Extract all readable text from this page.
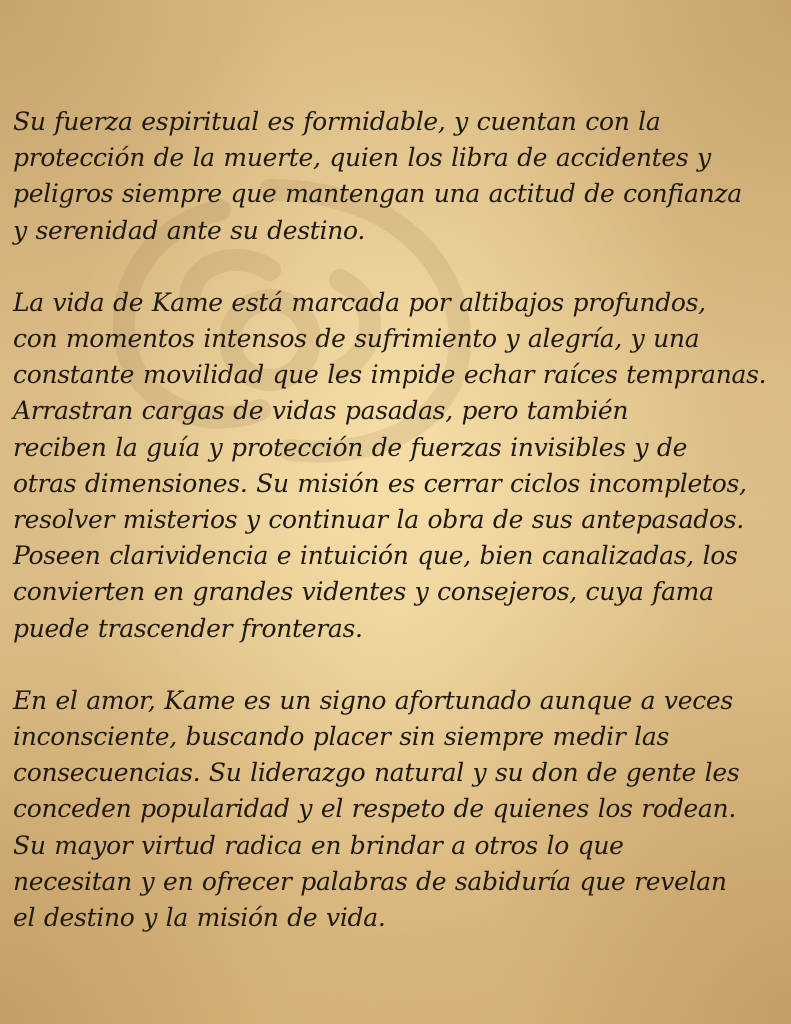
Su fuerza espiritual es formidable, y cuentan con la
protección de la muerte, quien los libra de accidentes y
peligros siempre que mantengan una actitud de confianza
y serenidad ante su destino.

La vida de Kame está marcada por altibajos profundos,
con momentos intensos de sufrimiento y alegría, y una
constante movilidad que les impide echar raíces tempranas.
Arrastran cargas de vidas pasadas, pero también
reciben la guía y protección de fuerzas invisibles y de
otras dimensiones. Su misión es cerrar ciclos incompletos,
resolver misterios y continuar la obra de sus antepasados.
Poseen clarividencia e intuición que, bien canalizadas, los
convierten en grandes videntes y consejeros, cuya fama
puede trascender fronteras.

En el amor, Kame es un signo afortunado aunque a veces
inconsciente, buscando placer sin siempre medir las
consecuencias. Su liderazgo natural y su don de gente les
conceden popularidad y el respeto de quienes los rodean.
Su mayor virtud radica en brindar a otros lo que
necesitan y en ofrecer palabras de sabiduría que revelan
el destino y la misión de vida.
